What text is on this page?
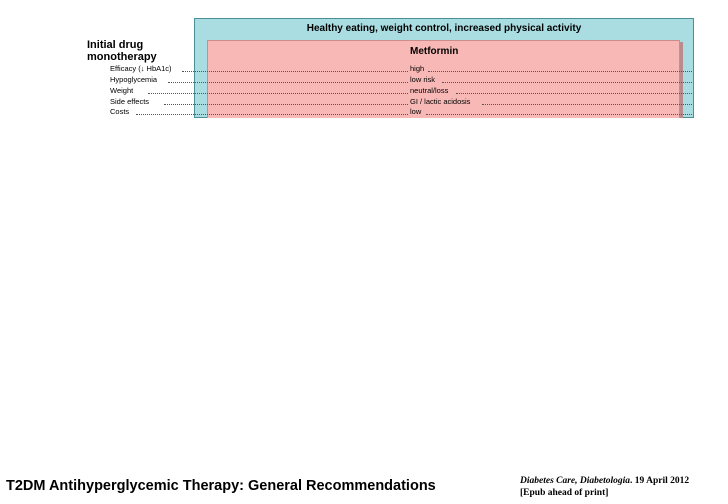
Healthy eating, weight control, increased physical activity
Metformin
Initial drug
monotherapy
Efficacy (↓ HbA1c)	high
Hypoglycemia	low risk
Weight	neutral/loss
Side effects	GI / lactic acidosis
Costs	low
T2DM Antihyperglycemic Therapy: General Recommendations	Diabetes Care, Diabetologia. 19 April 2012
[Epub ahead of print]
